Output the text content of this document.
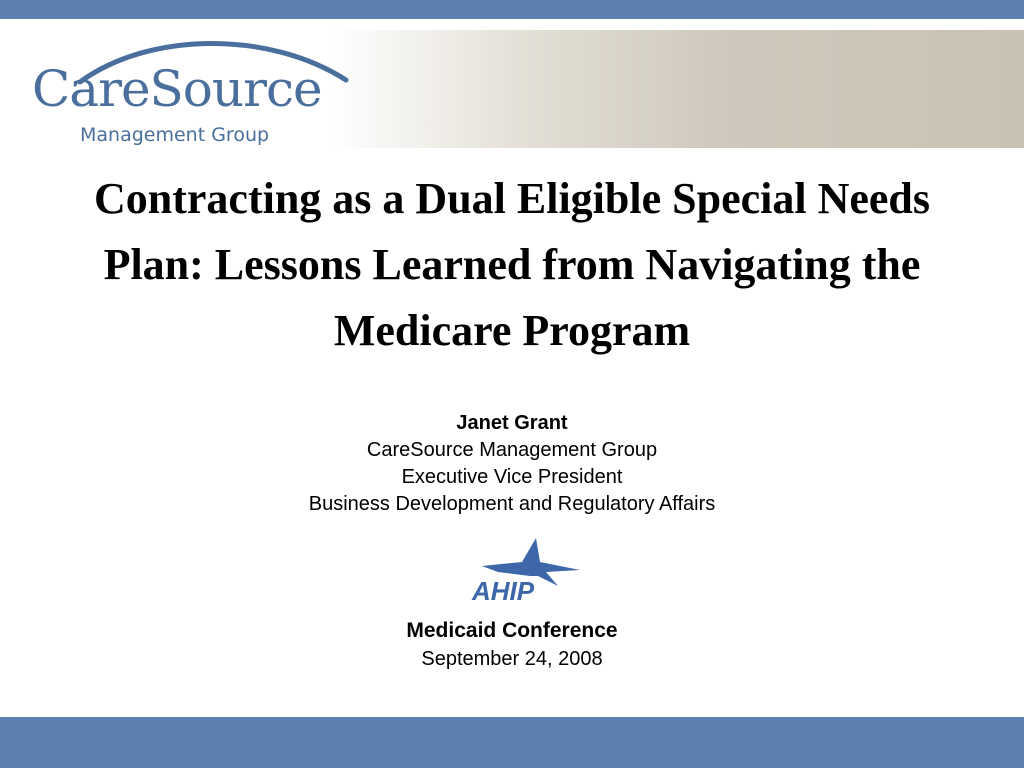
CareSource
Management Group
Contracting as a Dual Eligible Special Needs Plan: Lessons Learned from Navigating the Medicare Program
Janet Grant
CareSource Management Group
Executive Vice President
Business Development and Regulatory Affairs
AHIP
Medicaid Conference
September 24, 2008
